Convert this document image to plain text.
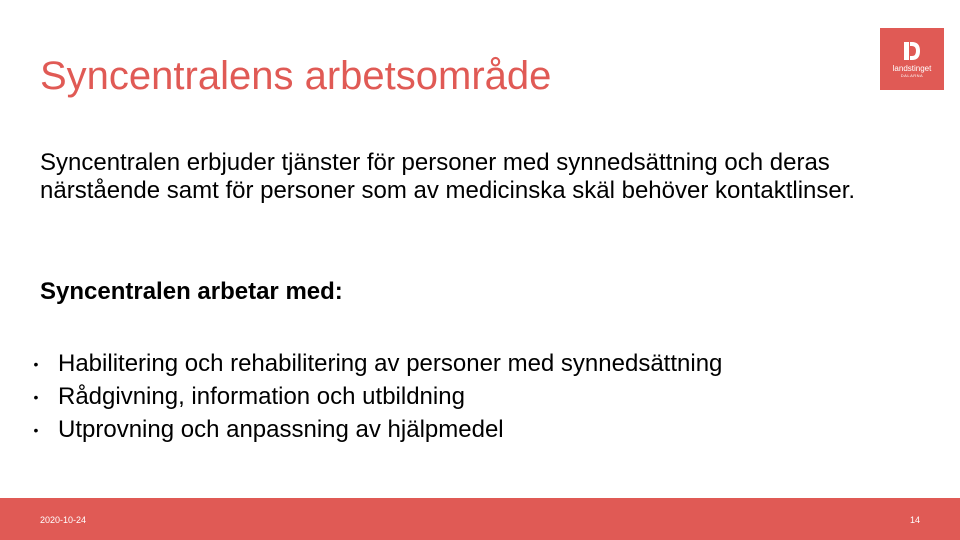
Syncentralens arbetsområde	landstinget
DALARNA
Syncentralen erbjuder tjänster för personer med synnedsättning och deras närstående samt för personer som av medicinska skäl behöver kontaktlinser.
Syncentralen arbetar med:
• Habilitering och rehabilitering av personer med synnedsättning
• Rådgivning, information och utbildning
• Utprovning och anpassning av hjälpmedel
2020-10-24	14
